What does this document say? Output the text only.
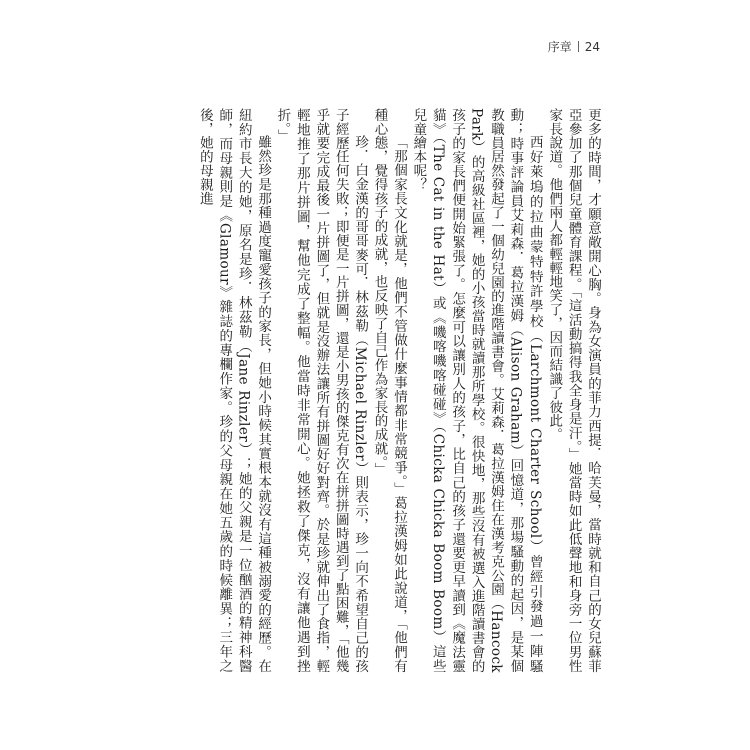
序章 24

更多的時間，才願意敞開心胸。身為女演員的菲力西提．哈芙曼，當時就和自己的女兒蘇菲亞參加了那個兒童體育課程。「這活動搞得我全身是汗。」她當時如此低聲地和身旁一位男性家長說道。他們兩人都輕輕地笑了，因而結識了彼此。

西好萊塢的拉曲蒙特特許學校（Larchmont Charter School）曾經引發過一陣騷動；時事評論員艾莉森．葛拉漢姆（Alison Graham）回憶道，那場騷動的起因，是某個教職員居然發起了一個幼兒園的進階讀書會。艾莉森．葛拉漢姆住在漢考克公園（Hancock Park）的高級社區裡，她的小孩當時就讀那所學校。很快地，那些沒有被選入進階讀書會的孩子的家長們便開始緊張了。怎麼可以讓別人的孩子，比自己的孩子還要更早讀到《魔法靈貓》（The Cat in the Hat）或《嘰喀嘰喀碰碰》（Chicka Chicka Boom Boom）這些兒童繪本呢？

「那個家長文化就是，他們不管做什麼事情都非常競爭。」葛拉漢姆如此說道，「他們有種心態，覺得孩子的成就，也反映了自己作為家長的成就。」

珍．白金漢的哥哥麥可．林茲勒（Michael Rinzler）則表示，珍一向不希望自己的孩子經歷任何失敗；即便是一片拼圖，還是小男孩的傑克有次在拼拼圖時遇到了點困難，「他幾乎就要完成最後一片拼圖了，但就是沒辦法讓所有拼圖好好對齊。於是珍就伸出了食指，輕輕地推了那片拼圖，幫他完成了整幅。他當時非常開心。她拯救了傑克，沒有讓他遇到挫折。」

雖然珍是那種過度寵愛孩子的家長，但她小時候其實根本就沒有這種被溺愛的經歷。在紐約市長大的她，原名是珍．林茲勒（Jane Rinzler）；她的父親是一位酗酒的精神科醫師，而母親則是《Glamour》雜誌的專欄作家。珍的父母親在她五歲的時候離異；三年之後，她的母親進
